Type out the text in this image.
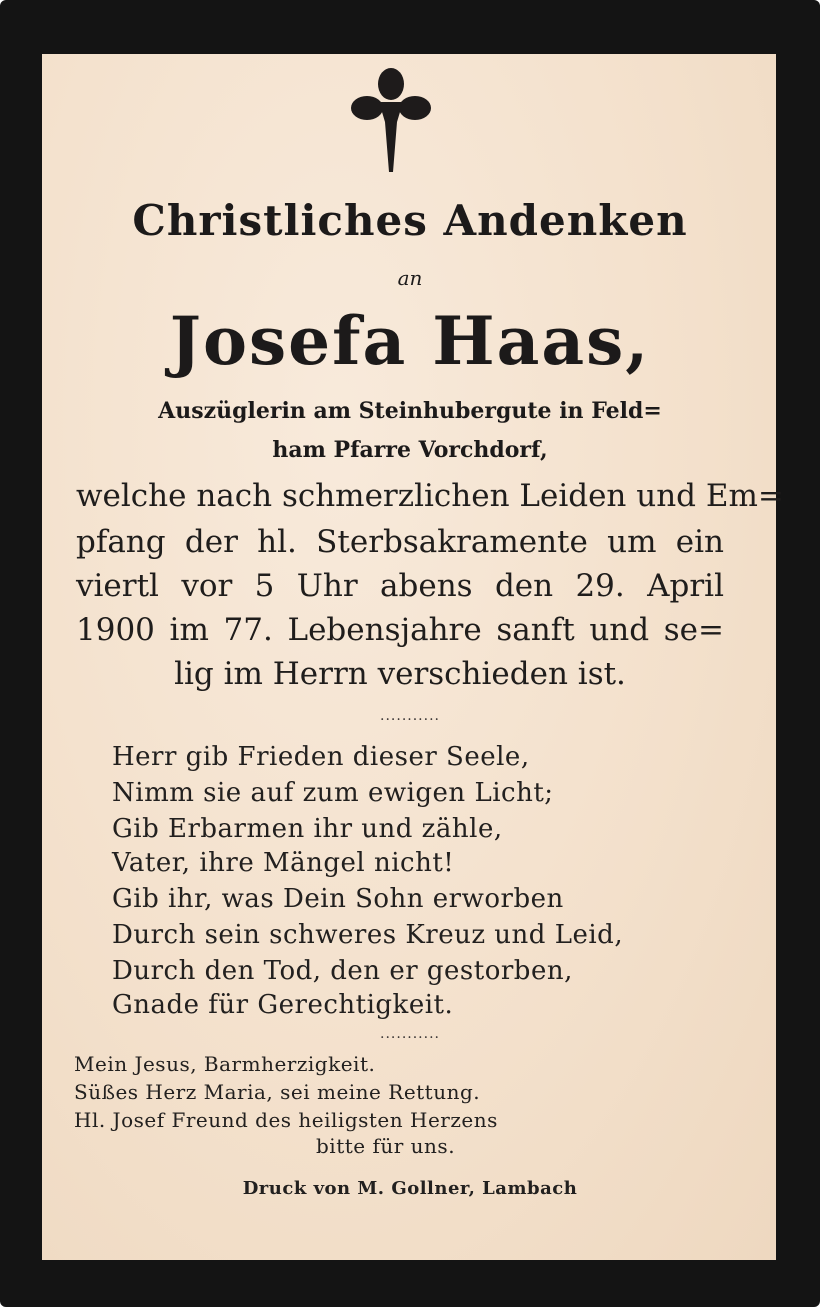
Christliches Andenken
an
Josefa Haas,
Auszüglerin am Steinhubergute in Feld=
ham Pfarre Vorchdorf,
welche nach schmerzlichen Leiden und Em=
pfang der hl. Sterbsakramente um ein
viertl vor 5 Uhr abens den 29. April
1900 im 77. Lebensjahre sanft und se=
lig im Herrn verschieden ist.
...........
Herr gib Frieden dieser Seele,
Nimm sie auf zum ewigen Licht;
Gib Erbarmen ihr und zähle,
Vater, ihre Mängel nicht!
Gib ihr, was Dein Sohn erworben
Durch sein schweres Kreuz und Leid,
Durch den Tod, den er gestorben,
Gnade für Gerechtigkeit.
...........
Mein Jesus, Barmherzigkeit.
Süßes Herz Maria, sei meine Rettung.
Hl. Josef Freund des heiligsten Herzens
bitte für uns.
Druck von M. Gollner, Lambach
